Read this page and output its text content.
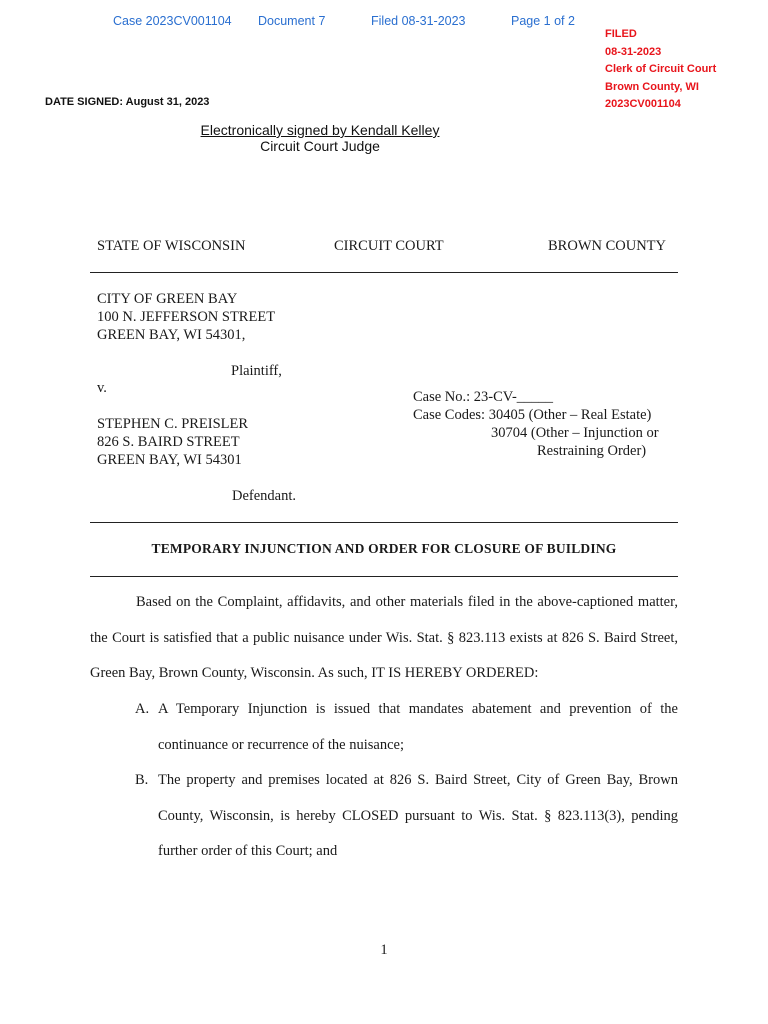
Case 2023CV001104 Document 7	Filed 08-31-2023	Page 1 of 2
FILED
08-31-2023
Clerk of Circuit Court
Brown County, WI
2023CV001104
DATE SIGNED: August 31, 2023
Electronically signed by Kendall Kelley
Circuit Court Judge
STATE OF WISCONSIN	CIRCUIT COURT	BROWN COUNTY
CITY OF GREEN BAY
100 N. JEFFERSON STREET
GREEN BAY, WI 54301,
Plaintiff,
v.
STEPHEN C. PREISLER
826 S. BAIRD STREET
GREEN BAY, WI 54301
Defendant.
Case No.: 23-CV-_____
Case Codes: 30405 (Other – Real Estate)
30704 (Other – Injunction or
Restraining Order)
TEMPORARY INJUNCTION AND ORDER FOR CLOSURE OF BUILDING
Based on the Complaint, affidavits, and other materials filed in the above-captioned matter,
the Court is satisfied that a public nuisance under Wis. Stat. § 823.113 exists at 826 S. Baird Street,
Green Bay, Brown County, Wisconsin. As such, IT IS HEREBY ORDERED:
A. A Temporary Injunction is issued that mandates abatement and prevention of the
continuance or recurrence of the nuisance;
B. The property and premises located at 826 S. Baird Street, City of Green Bay, Brown
County, Wisconsin, is hereby CLOSED pursuant to Wis. Stat. § 823.113(3), pending
further order of this Court; and
1
